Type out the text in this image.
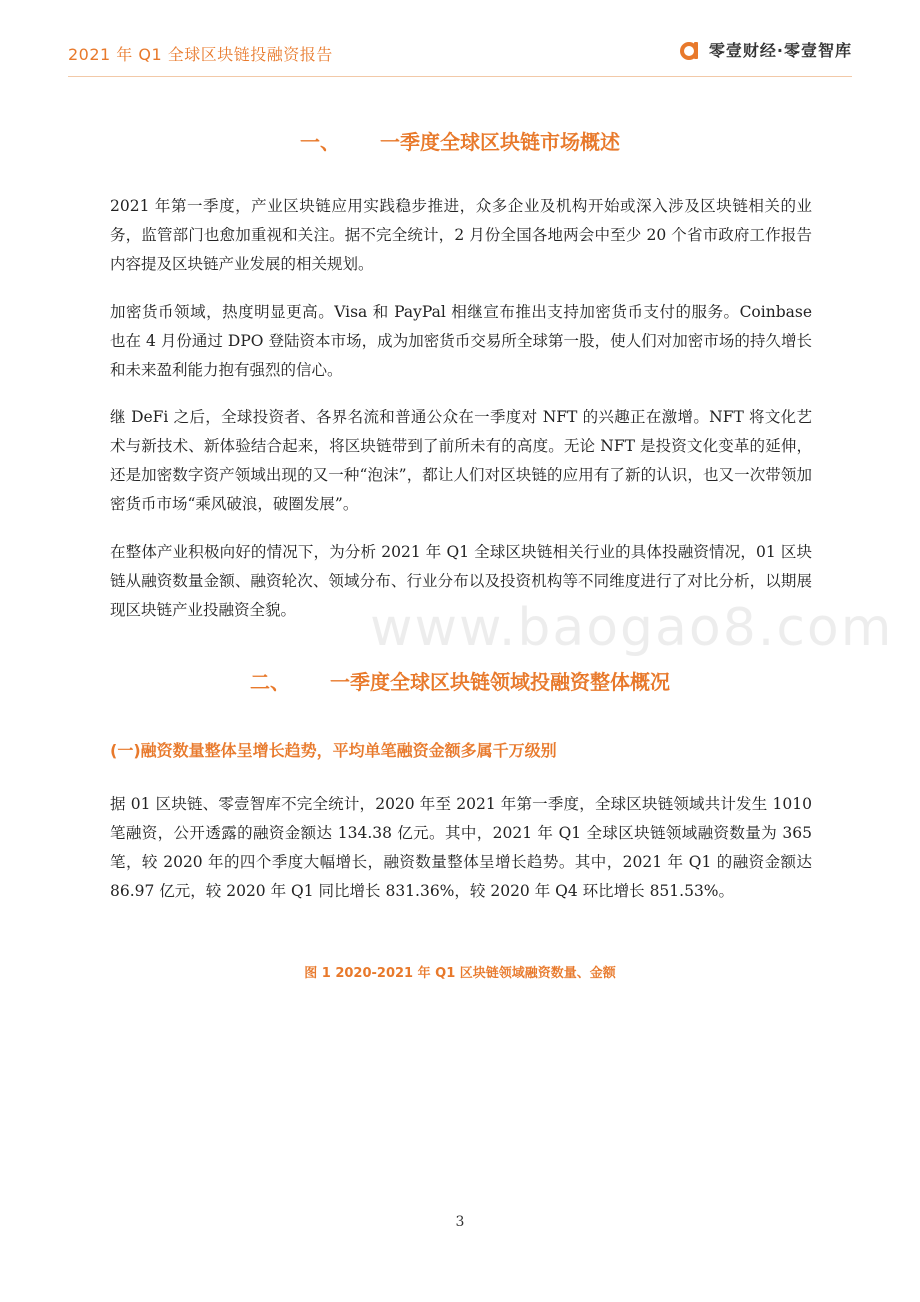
2021 年 Q1 全球区块链投融资报告	零壹财经·零壹智库
一、 一季度全球区块链市场概述

2021 年第一季度，产业区块链应用实践稳步推进，众多企业及机构开始或深入涉及区块链相关的业务，监管部门也愈加重视和关注。据不完全统计，2 月份全国各地两会中至少 20 个省市政府工作报告内容提及区块链产业发展的相关规划。

加密货币领域，热度明显更高。Visa 和 PayPal 相继宣布推出支持加密货币支付的服务。Coinbase 也在 4 月份通过 DPO 登陆资本市场，成为加密货币交易所全球第一股，使人们对加密市场的持久增长和未来盈利能力抱有强烈的信心。

继 DeFi 之后，全球投资者、各界名流和普通公众在一季度对 NFT 的兴趣正在激增。NFT 将文化艺术与新技术、新体验结合起来，将区块链带到了前所未有的高度。无论 NFT 是投资文化变革的延伸，还是加密数字资产领域出现的又一种“泡沫”，都让人们对区块链的应用有了新的认识，也又一次带领加密货币市场“乘风破浪，破圈发展”。

在整体产业积极向好的情况下，为分析 2021 年 Q1 全球区块链相关行业的具体投融资情况，01 区块链从融资数量金额、融资轮次、领域分布、行业分布以及投资机构等不同维度进行了对比分析，以期展现区块链产业投融资全貌。	www.baogao8.com
二、 一季度全球区块链领域投融资整体概况
(一)融资数量整体呈增长趋势，平均单笔融资金额多属千万级别

据 01 区块链、零壹智库不完全统计，2020 年至 2021 年第一季度，全球区块链领域共计发生 1010 笔融资，公开透露的融资金额达 134.38 亿元。其中，2021 年 Q1 全球区块链领域融资数量为 365 笔，较 2020 年的四个季度大幅增长，融资数量整体呈增长趋势。其中，2021 年 Q1 的融资金额达 86.97 亿元，较 2020 年 Q1 同比增长 831.36%，较 2020 年 Q4 环比增长 851.53%。

图 1 2020-2021 年 Q1 区块链领域融资数量、金额
3
